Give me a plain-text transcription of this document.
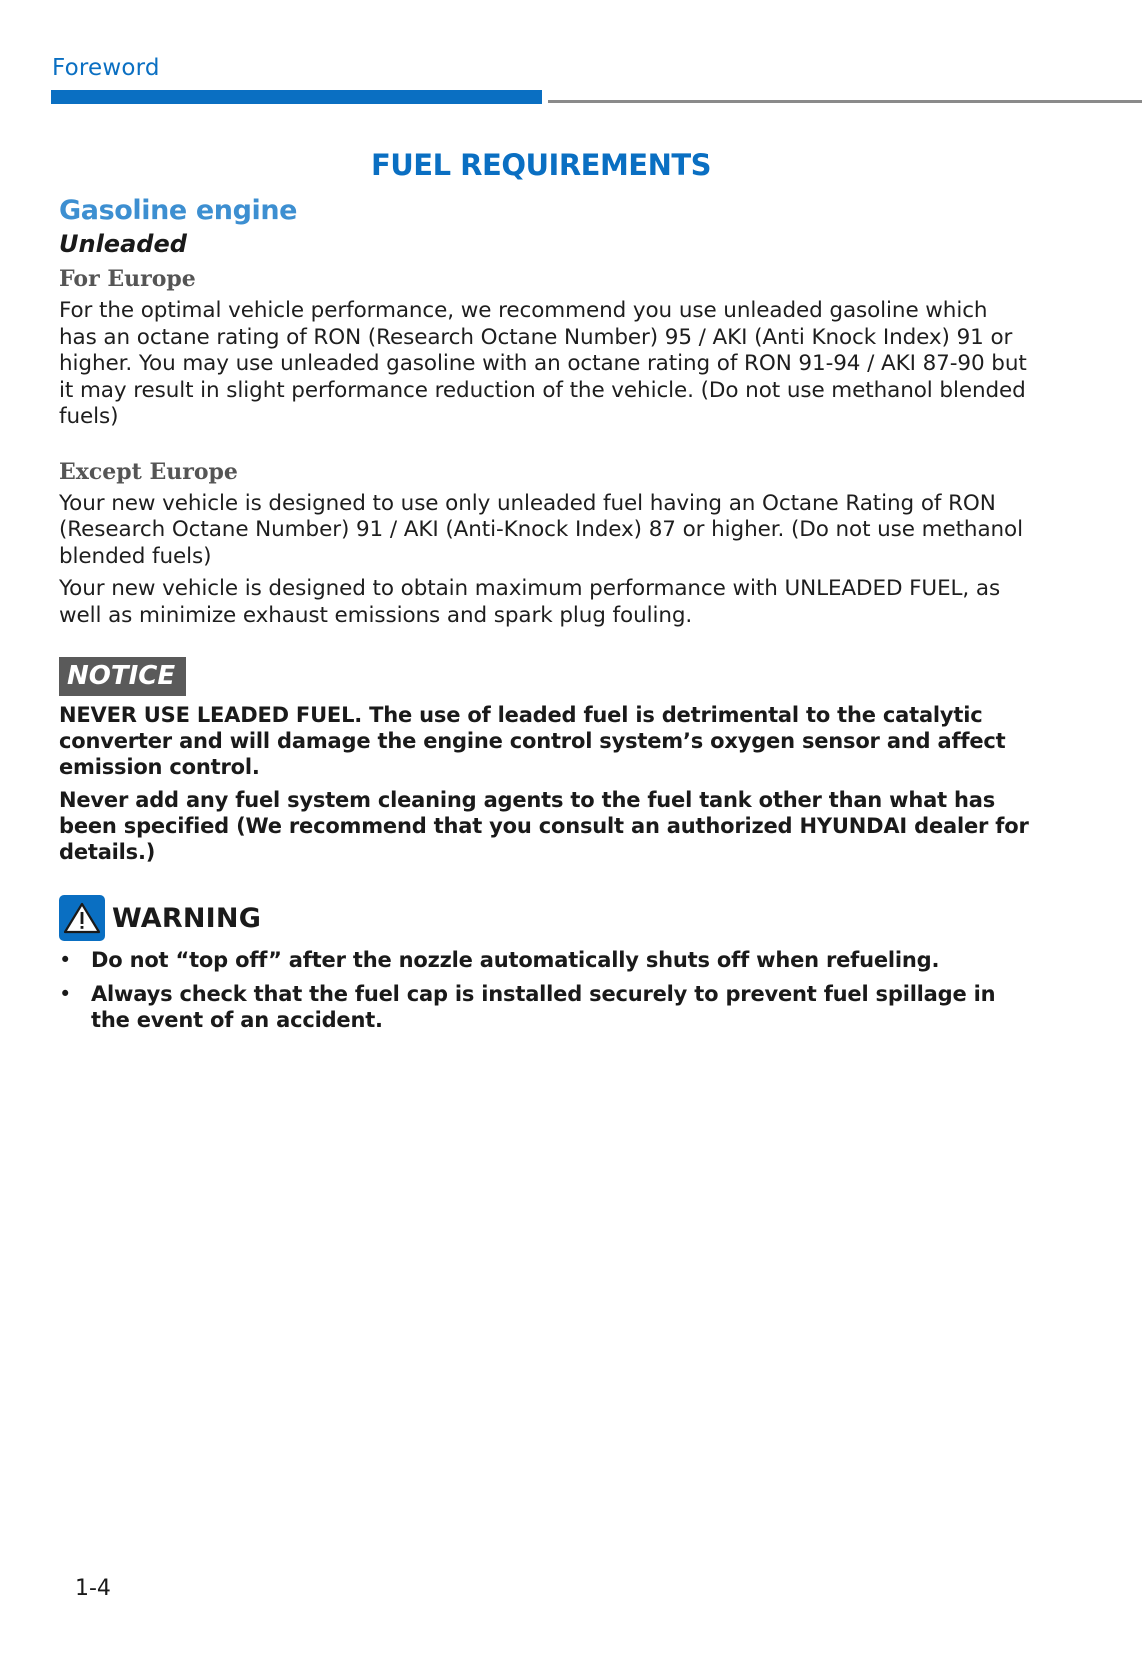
Foreword
FUEL REQUIREMENTS
Gasoline engine
Unleaded
For Europe

For the optimal vehicle performance, we recommend you use unleaded gasoline which has an octane rating of RON (Research Octane Number) 95 / AKI (Anti Knock Index) 91 or higher. You may use unleaded gasoline with an octane rating of RON 91-94 / AKI 87-90 but it may result in slight performance reduction of the vehicle. (Do not use methanol blended fuels)

Except Europe

Your new vehicle is designed to use only unleaded fuel having an Octane Rating of RON (Research Octane Number) 91 / AKI (Anti-Knock Index) 87 or higher. (Do not use methanol blended fuels)

Your new vehicle is designed to obtain maximum performance with UNLEADED FUEL, as well as minimize exhaust emissions and spark plug fouling.

NOTICE

NEVER USE LEADED FUEL. The use of leaded fuel is detrimental to the catalytic converter and will damage the engine control system’s oxygen sensor and affect emission control.

Never add any fuel system cleaning agents to the fuel tank other than what has been specified (We recommend that you consult an authorized HYUNDAI dealer for details.)

WARNING
• Do not “top off” after the nozzle automatically shuts off when refueling.
• Always check that the fuel cap is installed securely to prevent fuel spillage in the event of an accident.
1-4
